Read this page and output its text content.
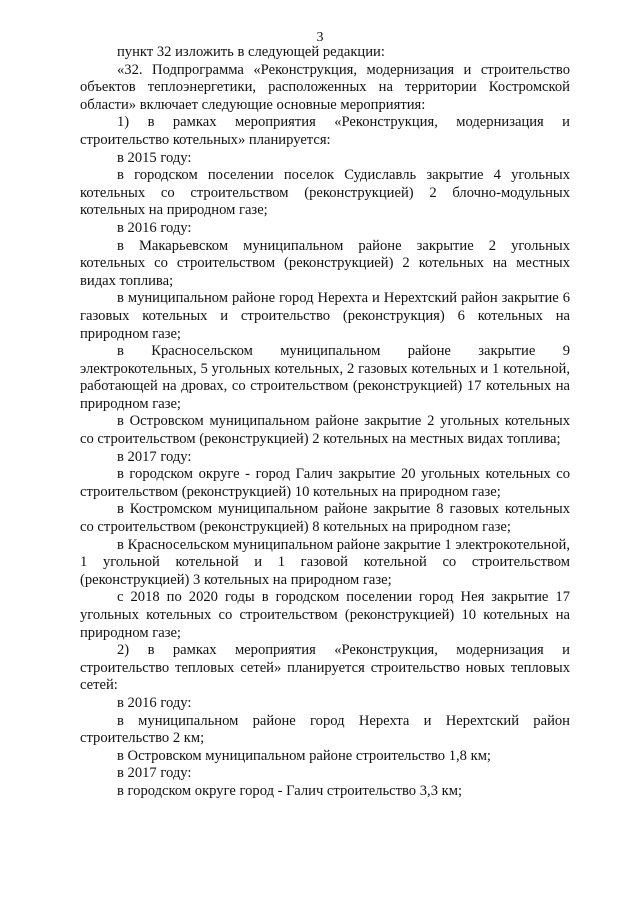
3

пункт 32 изложить в следующей редакции:

«32. Подпрограмма «Реконструкция, модернизация и строительство объектов теплоэнергетики, расположенных на территории Костромской области» включает следующие основные мероприятия:

1) в рамках мероприятия «Реконструкция, модернизация и строительство котельных» планируется:

в 2015 году:

в городском поселении поселок Судиславль закрытие 4 угольных котельных со строительством (реконструкцией) 2 блочно-модульных котельных на природном газе;

в 2016 году:

в Макарьевском муниципальном районе закрытие 2 угольных котельных со строительством (реконструкцией) 2 котельных на местных видах топлива;

в муниципальном районе город Нерехта и Нерехтский район закрытие 6 газовых котельных и строительство (реконструкция) 6 котельных на природном газе;

в Красносельском муниципальном районе закрытие 9 электрокотельных, 5 угольных котельных, 2 газовых котельных и 1 котельной, работающей на дровах, со строительством (реконструкцией) 17 котельных на природном газе;

в Островском муниципальном районе закрытие 2 угольных котельных со строительством (реконструкцией) 2 котельных на местных видах топлива;

в 2017 году:

в городском округе - город Галич закрытие 20 угольных котельных со строительством (реконструкцией) 10 котельных на природном газе;

в Костромском муниципальном районе закрытие 8 газовых котельных со строительством (реконструкцией) 8 котельных на природном газе;

в Красносельском муниципальном районе закрытие 1 электрокотельной, 1 угольной котельной и 1 газовой котельной со строительством (реконструкцией) 3 котельных на природном газе;

с 2018 по 2020 годы в городском поселении город Нея закрытие 17 угольных котельных со строительством (реконструкцией) 10 котельных на природном газе;

2) в рамках мероприятия «Реконструкция, модернизация и строительство тепловых сетей» планируется строительство новых тепловых сетей:

в 2016 году:

в муниципальном районе город Нерехта и Нерехтский район строительство 2 км;

в Островском муниципальном районе строительство 1,8 км;

в 2017 году:

в городском округе город - Галич строительство 3,3 км;
